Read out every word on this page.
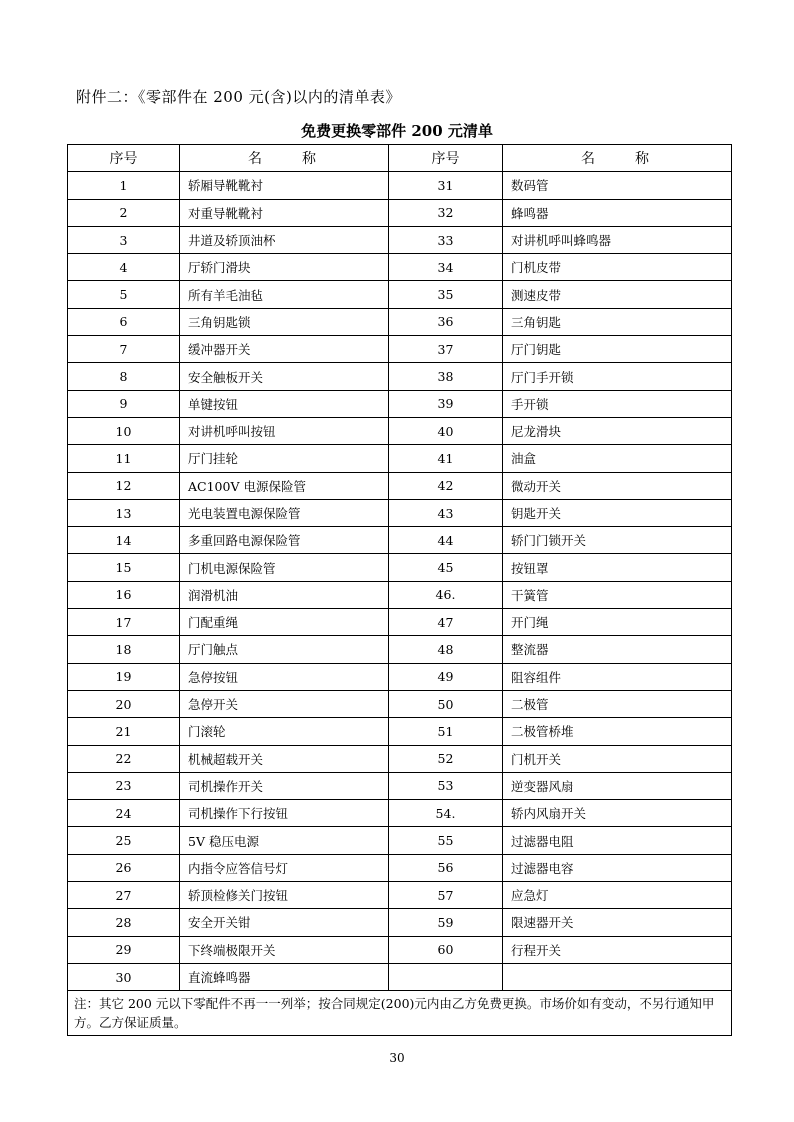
附件二：《零部件在 200 元(含)以内的清单表》
免费更换零部件 200 元清单
序号	名　　称	序号	名　　称
1	轿厢导靴靴衬	31	数码管
2	对重导靴靴衬	32	蜂鸣器
3	井道及轿顶油杯	33	对讲机呼叫蜂鸣器
4	厅轿门滑块	34	门机皮带
5	所有羊毛油毡	35	测速皮带
6	三角钥匙锁	36	三角钥匙
7	缓冲器开关	37	厅门钥匙
8	安全触板开关	38	厅门手开锁
9	单键按钮	39	手开锁
10	对讲机呼叫按钮	40	尼龙滑块
11	厅门挂轮	41	油盒
12	AC100V 电源保险管	42	微动开关
13	光电装置电源保险管	43	钥匙开关
14	多重回路电源保险管	44	轿门门锁开关
15	门机电源保险管	45	按钮罩
16	润滑机油	46.	干簧管
17	门配重绳	47	开门绳
18	厅门触点	48	整流器
19	急停按钮	49	阻容组件
20	急停开关	50	二极管
21	门滚轮	51	二极管桥堆
22	机械超载开关	52	门机开关
23	司机操作开关	53	逆变器风扇
24	司机操作下行按钮	54.	轿内风扇开关
25	5V 稳压电源	55	过滤器电阻
26	内指令应答信号灯	56	过滤器电容
27	轿顶检修关门按钮	57	应急灯
28	安全开关钳	59	限速器开关
29	下终端极限开关	60	行程开关
30	直流蜂鸣器		
注：其它 200 元以下零配件不再一一列举；按合同规定(200)元内由乙方免费更换。市场价如有变动，不另行通知甲方。乙方保证质量。			
30
